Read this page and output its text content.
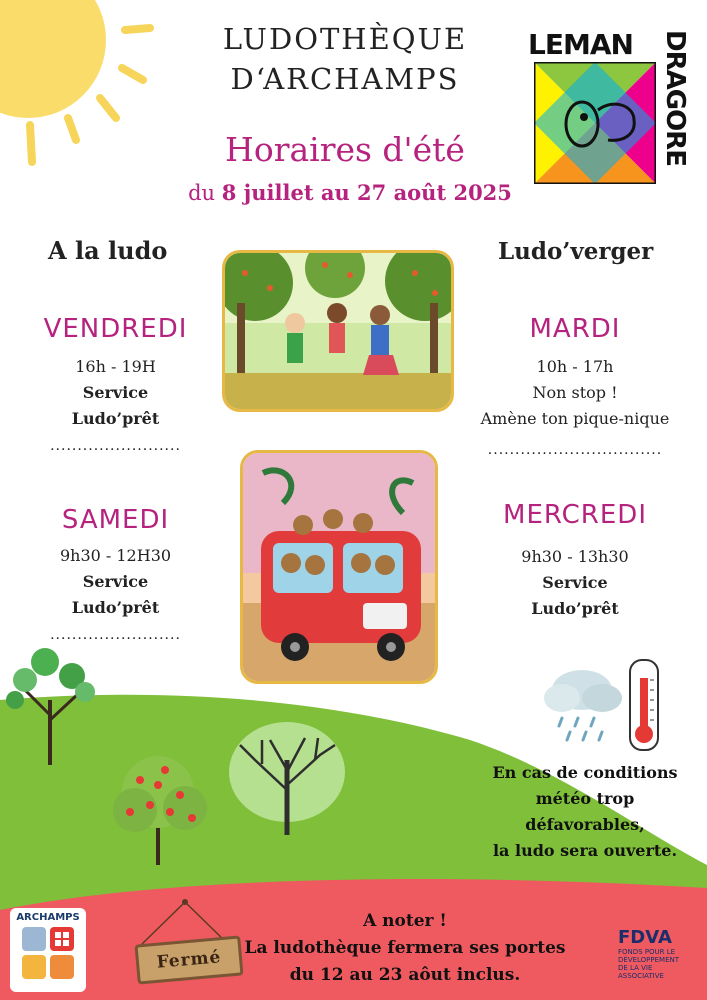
LUDOTHÈQUE
D‘ARCHAMPS
Horaires d'été
du 8 juillet au 27 août 2025
LEMAN DRAGORE
A la ludo
VENDREDI
16h - 19H
Service
Ludo’prêt
........................
SAMEDI
9h30 - 12H30
Service
Ludo’prêt
........................
Ludo’verger
MARDI
10h - 17h
Non stop !
Amène ton pique-nique
................................
MERCREDI
9h30 - 13h30
Service
Ludo’prêt
En cas de conditions
météo trop
défavorables,
la ludo sera ouverte.
ARCHAMPS
Fermé
A noter !
La ludothèque fermera ses portes
du 12 au 23 aôut inclus.
FDVA
FONDS POUR LE
DÉVELOPPEMENT
DE LA VIE
ASSOCIATIVE
